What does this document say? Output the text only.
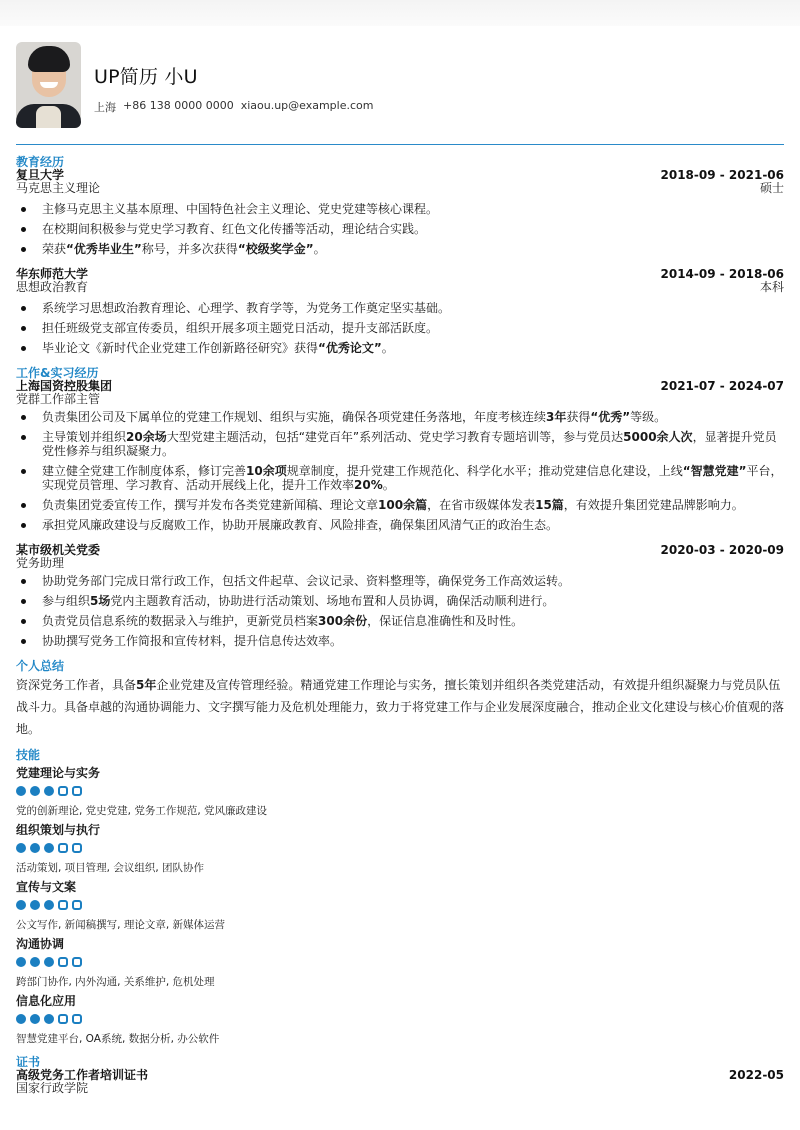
UP简历 小U
上海 +86 138 0000 0000 xiaou.up@example.com
教育经历
复旦大学
马克思主义理论
2018-09 - 2021-06
硕士
主修马克思主义基本原理、中国特色社会主义理论、党史党建等核心课程。
在校期间积极参与党史学习教育、红色文化传播等活动，理论结合实践。
荣获“优秀毕业生”称号，并多次获得“校级奖学金”。
华东师范大学
思想政治教育
2014-09 - 2018-06
本科
系统学习思想政治教育理论、心理学、教育学等，为党务工作奠定坚实基础。
担任班级党支部宣传委员，组织开展多项主题党日活动，提升支部活跃度。
毕业论文《新时代企业党建工作创新路径研究》获得“优秀论文”。
工作&实习经历
上海国资控股集团
党群工作部主管
2021-07 - 2024-07
负责集团公司及下属单位的党建工作规划、组织与实施，确保各项党建任务落地，年度考核连续3年获得“优秀”等级。
主导策划并组织20余场大型党建主题活动，包括“建党百年”系列活动、党史学习教育专题培训等，参与党员达5000余人次，显著提升党员党性修养与组织凝聚力。
建立健全党建工作制度体系，修订完善10余项规章制度，提升党建工作规范化、科学化水平；推动党建信息化建设，上线“智慧党建”平台，实现党员管理、学习教育、活动开展线上化，提升工作效率20%。
负责集团党委宣传工作，撰写并发布各类党建新闻稿、理论文章100余篇，在省市级媒体发表15篇，有效提升集团党建品牌影响力。
承担党风廉政建设与反腐败工作，协助开展廉政教育、风险排查，确保集团风清气正的政治生态。
某市级机关党委
党务助理
2020-03 - 2020-09
协助党务部门完成日常行政工作，包括文件起草、会议记录、资料整理等，确保党务工作高效运转。
参与组织5场党内主题教育活动，协助进行活动策划、场地布置和人员协调，确保活动顺利进行。
负责党员信息系统的数据录入与维护，更新党员档案300余份，保证信息准确性和及时性。
协助撰写党务工作简报和宣传材料，提升信息传达效率。
个人总结
资深党务工作者，具备5年企业党建及宣传管理经验。精通党建工作理论与实务，擅长策划并组织各类党建活动，有效提升组织凝聚力与党员队伍战斗力。具备卓越的沟通协调能力、文字撰写能力及危机处理能力，致力于将党建工作与企业发展深度融合，推动企业文化建设与核心价值观的落地。
技能
党建理论与实务
党的创新理论, 党史党建, 党务工作规范, 党风廉政建设
组织策划与执行
活动策划, 项目管理, 会议组织, 团队协作
宣传与文案
公文写作, 新闻稿撰写, 理论文章, 新媒体运营
沟通协调
跨部门协作, 内外沟通, 关系维护, 危机处理
信息化应用
智慧党建平台, OA系统, 数据分析, 办公软件
证书
高级党务工作者培训证书
国家行政学院
2022-05
